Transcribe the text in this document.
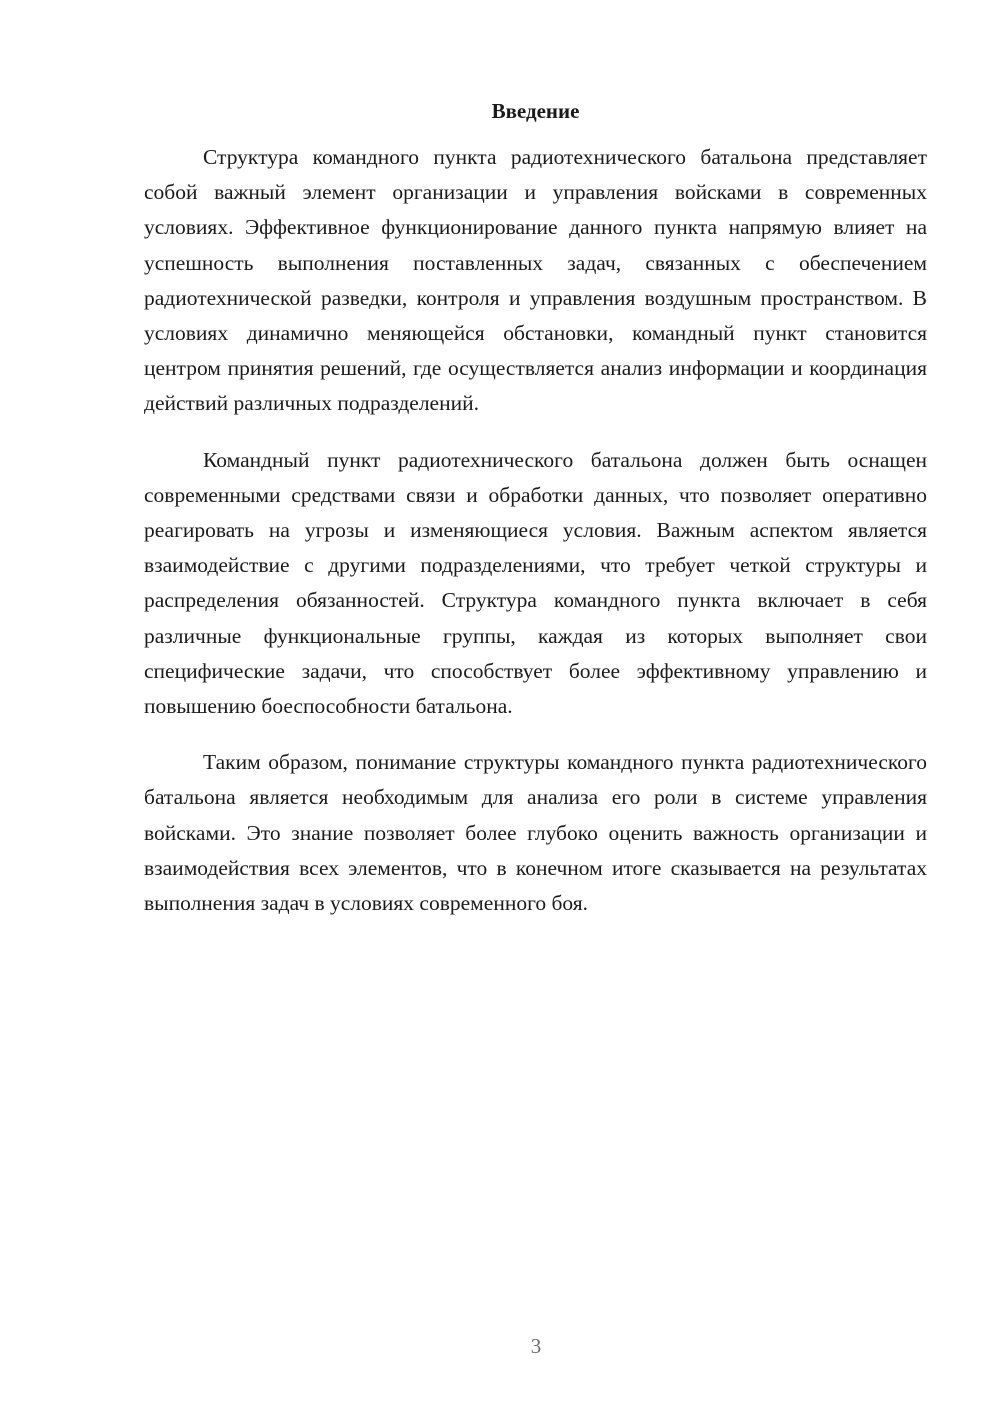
Введение

Структура командного пункта радиотехнического батальона представляет собой важный элемент организации и управления войсками в современных условиях. Эффективное функционирование данного пункта напрямую влияет на успешность выполнения поставленных задач, связанных с обеспечением радиотехнической разведки, контроля и управления воздушным пространством. В условиях динамично меняющейся обстановки, командный пункт становится центром принятия решений, где осуществляется анализ информации и координация действий различных подразделений.

Командный пункт радиотехнического батальона должен быть оснащен современными средствами связи и обработки данных, что позволяет оперативно реагировать на угрозы и изменяющиеся условия. Важным аспектом является взаимодействие с другими подразделениями, что требует четкой структуры и распределения обязанностей. Структура командного пункта включает в себя различные функциональные группы, каждая из которых выполняет свои специфические задачи, что способствует более эффективному управлению и повышению боеспособности батальона.

Таким образом, понимание структуры командного пункта радиотехнического батальона является необходимым для анализа его роли в системе управления войсками. Это знание позволяет более глубоко оценить важность организации и взаимодействия всех элементов, что в конечном итоге сказывается на результатах выполнения задач в условиях современного боя.

3
